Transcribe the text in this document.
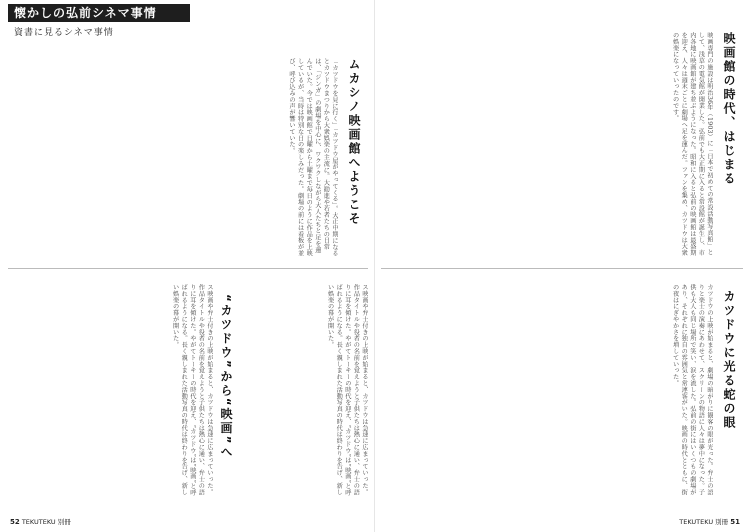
懐かしの弘前シネマ事情
資書に見るシネマ事情
ムカシノ映画館へようこそ
「カツドウを見に行く」「カツドウ屋がやってくる」。大正中期になるとカツドウまつりから大衆娯楽の主流に。大勧進や若者たちの日常は、「ジンガ」の劇場を中心に、ワクワクしながら大人たちと足を運んでいた。今では映画館で日曜から土曜まで毎日のように作品を上映しているが、当時は特別な日の楽しみだった。劇場の前には看板が並び、呼び込みの声が響いていた。
“カツドウ”から“映画”へ	ス映画や弁士付きの上映が始まると、カツドウは急速に広まっていった。作品タイトルや役者の名前を覚えようと子供たちは熱心に通い、弁士の語りに耳を傾けた。やがてトーキーの時代を迎え、“カツドウ”は“映画”と呼ばれるようになる。長く親しまれた活動写真の時代は終わりを告げ、新しい娯楽の幕が開いた。
ス映画や弁士付きの上映が始まると、カツドウは急速に広まっていった。作品タイトルや役者の名前を覚えようと子供たちは熱心に通い、弁士の語りに耳を傾けた。やがてトーキーの時代を迎え、“カツドウ”は“映画”と呼ばれるようになる。長く親しまれた活動写真の時代は終わりを告げ、新しい娯楽の幕が開いた。
52 TEKUTEKU 別冊
映画館の時代、はじまる
映画専門の施設は明治36年（1903）に「日本で初めての常設活動写真館」として、浅草の電気館が開業した。弘前でも大正期に入ると常設館が誕生し、市内各地に映画館が建ち並ぶようになった。昭和に入ると弘前の映画館は最盛期を迎え、人々は週末ごとに劇場へ足を運んだ。ファンを集め、カツドウは大衆の娯楽になっていったのです。
カツドウに光る蛇の眼
カツドウの上映が始まると、劇場の暗がりに観客の眼が光った。弁士の語りと楽士の演奏にあわせて、スクリーンの物語に人々は夢中になった。子供も大人も同じ場所で笑い、涙を流した。弘前の街にはいくつもの劇場があり、それぞれに独自の雰囲気と常連客がいた。映画の時代とともに、街の夜はにぎやかさを増していった。
TEKUTEKU 別冊 51
